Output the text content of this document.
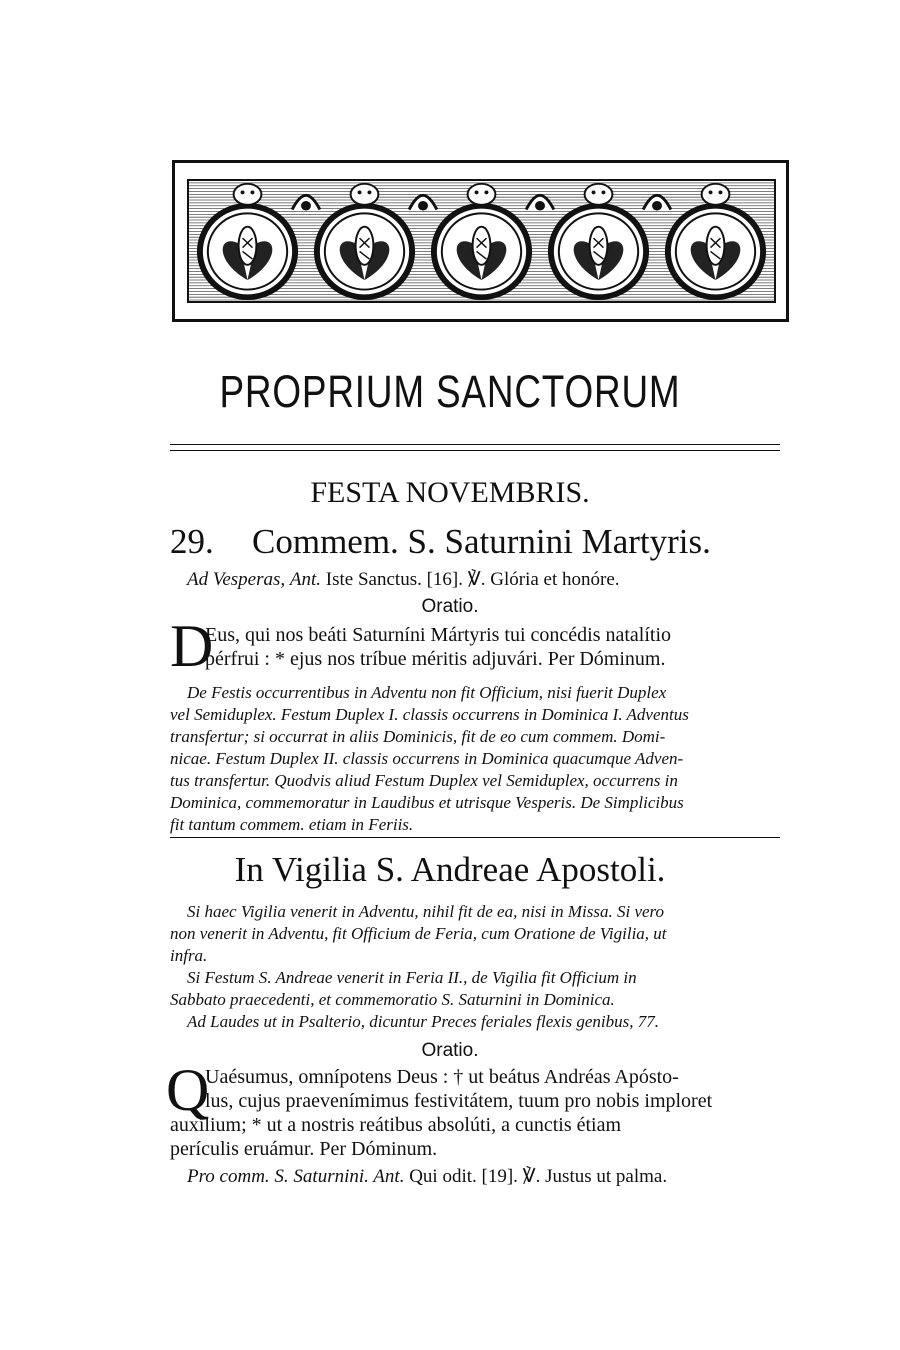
PROPRIUM SANCTORUM
FESTA NOVEMBRIS.
29. Commem. S. Saturnini Martyris.
Ad Vesperas, Ant. Iste Sanctus. [16]. ℣. Glória et honóre.
Oratio.
D
Eus, qui nos beáti Saturníni Mártyris tui concédis natalítio
pérfrui : * ejus nos tríbue méritis adjuvári. Per Dóminum.
De Festis occurrentibus in Adventu non fit Officium, nisi fuerit Duplex
vel Semiduplex. Festum Duplex I. classis occurrens in Dominica I. Adventus
transfertur; si occurrat in aliis Dominicis, fit de eo cum commem. Domi-
nicae. Festum Duplex II. classis occurrens in Dominica quacumque Adven-
tus transfertur. Quodvis aliud Festum Duplex vel Semiduplex, occurrens in
Dominica, commemoratur in Laudibus et utrisque Vesperis. De Simplicibus
fit tantum commem. etiam in Feriis.
In Vigilia S. Andreae Apostoli.
Si haec Vigilia venerit in Adventu, nihil fit de ea, nisi in Missa. Si vero
non venerit in Adventu, fit Officium de Feria, cum Oratione de Vigilia, ut
infra.
Si Festum S. Andreae venerit in Feria II., de Vigilia fit Officium in
Sabbato praecedenti, et commemoratio S. Saturnini in Dominica.
Ad Laudes ut in Psalterio, dicuntur Preces feriales flexis genibus, 77.
Oratio.
Q
Uaésumus, omnípotens Deus : † ut beátus Andréas Apósto-
lus, cujus praevenímimus festivitátem, tuum pro nobis imploret
auxílium; * ut a nostris reátibus absolúti, a cunctis étiam
perículis eruámur. Per Dóminum.
Pro comm. S. Saturnini. Ant. Qui odit. [19]. ℣. Justus ut palma.
